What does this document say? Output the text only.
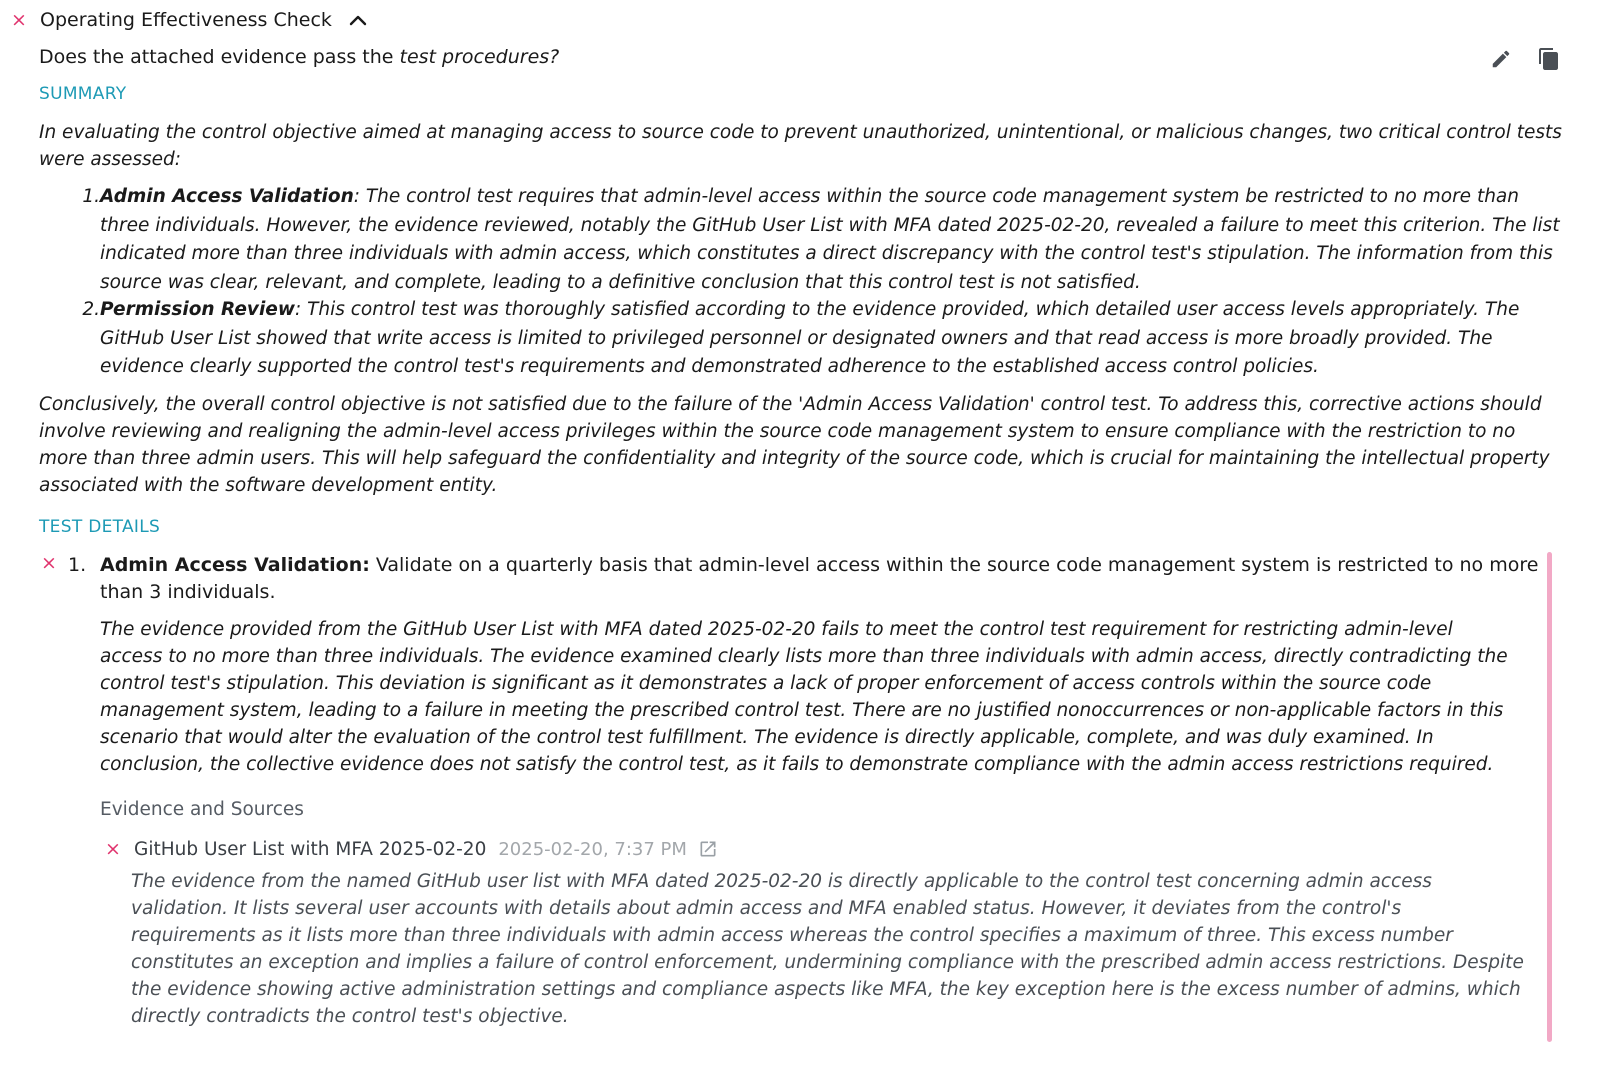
× Operating Effectiveness Check
Does the attached evidence pass the test procedures?
SUMMARY
In evaluating the control objective aimed at managing access to source code to prevent unauthorized, unintentional, or malicious changes, two critical control tests were assessed:
1. Admin Access Validation: The control test requires that admin-level access within the source code management system be restricted to no more than three individuals. However, the evidence reviewed, notably the GitHub User List with MFA dated 2025-02-20, revealed a failure to meet this criterion. The list indicated more than three individuals with admin access, which constitutes a direct discrepancy with the control test's stipulation. The information from this source was clear, relevant, and complete, leading to a definitive conclusion that this control test is not satisfied.
2. Permission Review: This control test was thoroughly satisfied according to the evidence provided, which detailed user access levels appropriately. The GitHub User List showed that write access is limited to privileged personnel or designated owners and that read access is more broadly provided. The evidence clearly supported the control test's requirements and demonstrated adherence to the established access control policies.
Conclusively, the overall control objective is not satisfied due to the failure of the 'Admin Access Validation' control test. To address this, corrective actions should involve reviewing and realigning the admin-level access privileges within the source code management system to ensure compliance with the restriction to no more than three admin users. This will help safeguard the confidentiality and integrity of the source code, which is crucial for maintaining the intellectual property associated with the software development entity.
TEST DETAILS
× 1. Admin Access Validation: Validate on a quarterly basis that admin-level access within the source code management system is restricted to no more than 3 individuals.
The evidence provided from the GitHub User List with MFA dated 2025-02-20 fails to meet the control test requirement for restricting admin-level access to no more than three individuals. The evidence examined clearly lists more than three individuals with admin access, directly contradicting the control test's stipulation. This deviation is significant as it demonstrates a lack of proper enforcement of access controls within the source code management system, leading to a failure in meeting the prescribed control test. There are no justified nonoccurrences or non-applicable factors in this scenario that would alter the evaluation of the control test fulfillment. The evidence is directly applicable, complete, and was duly examined. In conclusion, the collective evidence does not satisfy the control test, as it fails to demonstrate compliance with the admin access restrictions required.
Evidence and Sources
× GitHub User List with MFA 2025-02-20 2025-02-20, 7:37 PM
The evidence from the named GitHub user list with MFA dated 2025-02-20 is directly applicable to the control test concerning admin access validation. It lists several user accounts with details about admin access and MFA enabled status. However, it deviates from the control's requirements as it lists more than three individuals with admin access whereas the control specifies a maximum of three. This excess number constitutes an exception and implies a failure of control enforcement, undermining compliance with the prescribed admin access restrictions. Despite the evidence showing active administration settings and compliance aspects like MFA, the key exception here is the excess number of admins, which directly contradicts the control test's objective.
